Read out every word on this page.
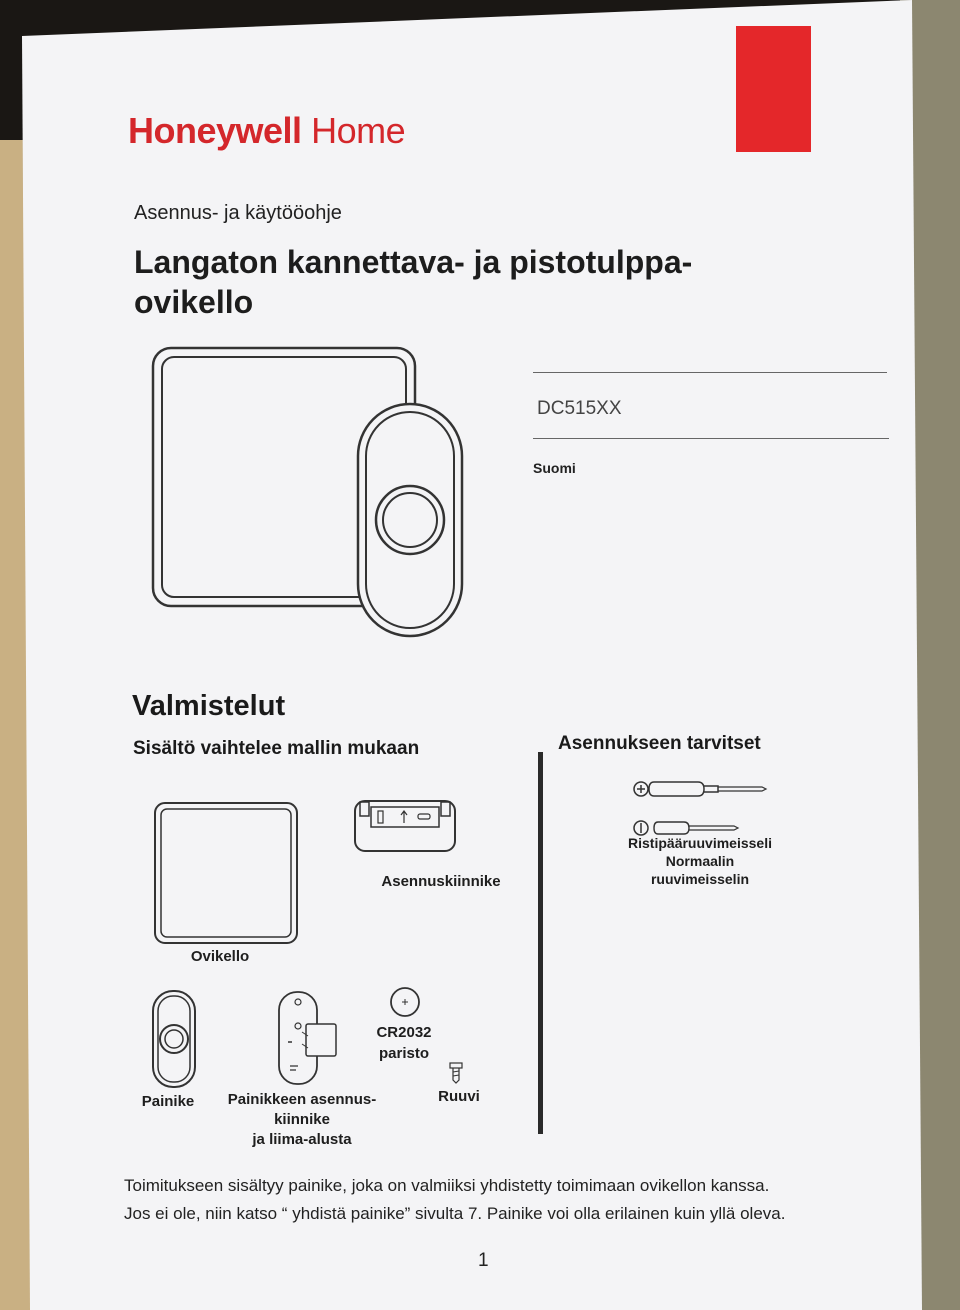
Honeywell Home
Asennus- ja käytööohje
Langaton kannettava- ja pistotulppa-
ovikello
DC515XX
Suomi
Valmistelut
Sisältö vaihtelee mallin mukaan	Asennukseen tarvitset
Ovikello
Asennuskiinnike
Ristipääruuvimeisseli
Normaalin
ruuvimeisselin
Painike	Painikkeen asennus-
kiinnike
ja liima-alusta
CR2032
paristo
Ruuvi
Toimitukseen sisältyy painike, joka on valmiiksi yhdistetty toimimaan ovikellon kanssa.
Jos ei ole, niin katso “ yhdistä painike” sivulta 7. Painike voi olla erilainen kuin yllä oleva.
1
